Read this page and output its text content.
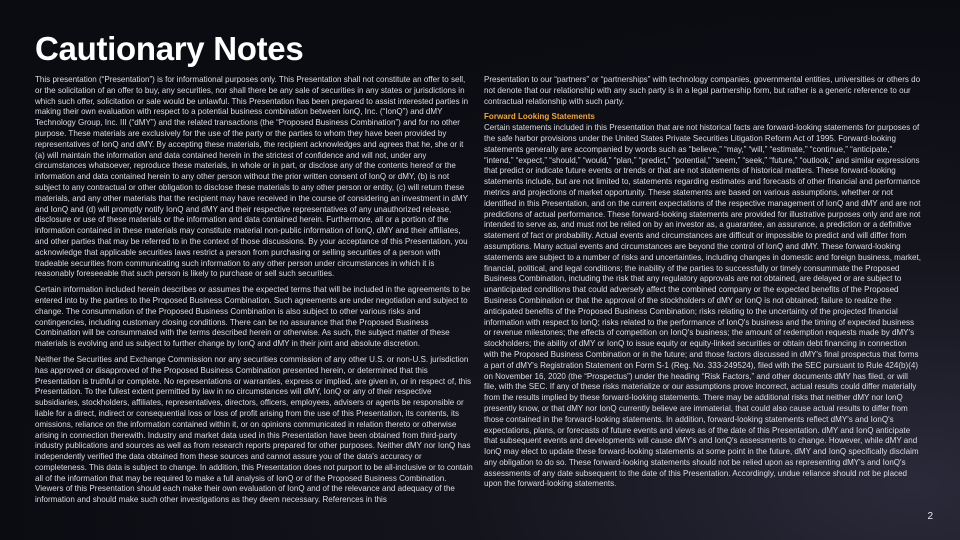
Cautionary Notes

This presentation (“Presentation”) is for informational purposes only. This Presentation shall not constitute an offer to sell, or the solicitation of an offer to buy, any securities, nor shall there be any sale of securities in any states or jurisdictions in which such offer, solicitation or sale would be unlawful. This Presentation has been prepared to assist interested parties in making their own evaluation with respect to a potential business combination between IonQ, Inc. (“IonQ”) and dMY Technology Group, Inc. III (“dMY”) and the related transactions (the “Proposed Business Combination”) and for no other purpose. These materials are exclusively for the use of the party or the parties to whom they have been provided by representatives of IonQ and dMY. By accepting these materials, the recipient acknowledges and agrees that he, she or it (a) will maintain the information and data contained herein in the strictest of confidence and will not, under any circumstances whatsoever, reproduce these materials, in whole or in part, or disclose any of the contents hereof or the information and data contained herein to any other person without the prior written consent of IonQ or dMY, (b) is not subject to any contractual or other obligation to disclose these materials to any other person or entity, (c) will return these materials, and any other materials that the recipient may have received in the course of considering an investment in dMY and IonQ and (d) will promptly notify IonQ and dMY and their respective representatives of any unauthorized release, disclosure or use of these materials or the information and data contained herein. Furthermore, all or a portion of the information contained in these materials may constitute material non-public information of IonQ, dMY and their affiliates, and other parties that may be referred to in the context of those discussions. By your acceptance of this Presentation, you acknowledge that applicable securities laws restrict a person from purchasing or selling securities of a person with tradeable securities from communicating such information to any other person under circumstances in which it is reasonably foreseeable that such person is likely to purchase or sell such securities.

Certain information included herein describes or assumes the expected terms that will be included in the agreements to be entered into by the parties to the Proposed Business Combination. Such agreements are under negotiation and subject to change. The consummation of the Proposed Business Combination is also subject to other various risks and contingencies, including customary closing conditions. There can be no assurance that the Proposed Business Combination will be consummated with the terms described herein or otherwise. As such, the subject matter of these materials is evolving and us subject to further change by IonQ and dMY in their joint and absolute discretion.

Neither the Securities and Exchange Commission nor any securities commission of any other U.S. or non-U.S. jurisdiction has approved or disapproved of the Proposed Business Combination presented herein, or determined that this Presentation is truthful or complete. No representations or warranties, express or implied, are given in, or in respect of, this Presentation. To the fullest extent permitted by law in no circumstances will dMY, IonQ or any of their respective subsidiaries, stockholders, affiliates, representatives, directors, officers, employees, advisers or agents be responsible or liable for a direct, indirect or consequential loss or loss of profit arising from the use of this Presentation, its contents, its omissions, reliance on the information contained within it, or on opinions communicated in relation thereto or otherwise arising in connection therewith. Industry and market data used in this Presentation have been obtained from third-party industry publications and sources as well as from research reports prepared for other purposes. Neither dMY nor IonQ has independently verified the data obtained from these sources and cannot assure you of the data's accuracy or completeness. This data is subject to change. In addition, this Presentation does not purport to be all-inclusive or to contain all of the information that may be required to make a full analysis of IonQ or of the Proposed Business Combination. Viewers of this Presentation should each make their own evaluation of IonQ and of the relevance and adequacy of the information and should make such other investigations as they deem necessary. References in this

Presentation to our “partners” or “partnerships” with technology companies, governmental entities, universities or others do not denote that our relationship with any such party is in a legal partnership form, but rather is a generic reference to our contractual relationship with such party.

Forward Looking Statements

Certain statements included in this Presentation that are not historical facts are forward-looking statements for purposes of the safe harbor provisions under the United States Private Securities Litigation Reform Act of 1995. Forward-looking statements generally are accompanied by words such as “believe,” “may,” “will,” “estimate,” “continue,” “anticipate,” “intend,” “expect,” “should,” “would,” “plan,” “predict,” “potential,” “seem,” “seek,” “future,” “outlook,” and similar expressions that predict or indicate future events or trends or that are not statements of historical matters. These forward-looking statements include, but are not limited to, statements regarding estimates and forecasts of other financial and performance metrics and projections of market opportunity. These statements are based on various assumptions, whether or not identified in this Presentation, and on the current expectations of the respective management of IonQ and dMY and are not predictions of actual performance. These forward-looking statements are provided for illustrative purposes only and are not intended to serve as, and must not be relied on by an investor as, a guarantee, an assurance, a prediction or a definitive statement of fact or probability. Actual events and circumstances are difficult or impossible to predict and will differ from assumptions. Many actual events and circumstances are beyond the control of IonQ and dMY. These forward-looking statements are subject to a number of risks and uncertainties, including changes in domestic and foreign business, market, financial, political, and legal conditions; the inability of the parties to successfully or timely consummate the Proposed Business Combination, including the risk that any regulatory approvals are not obtained, are delayed or are subject to unanticipated conditions that could adversely affect the combined company or the expected benefits of the Proposed Business Combination or that the approval of the stockholders of dMY or IonQ is not obtained; failure to realize the anticipated benefits of the Proposed Business Combination; risks relating to the uncertainty of the projected financial information with respect to IonQ; risks related to the performance of IonQ's business and the timing of expected business or revenue milestones; the effects of competition on IonQ's business; the amount of redemption requests made by dMY's stockholders; the ability of dMY or IonQ to issue equity or equity-linked securities or obtain debt financing in connection with the Proposed Business Combination or in the future; and those factors discussed in dMY's final prospectus that forms a part of dMY's Registration Statement on Form S-1 (Reg. No. 333-249524), filed with the SEC pursuant to Rule 424(b)(4) on November 16, 2020 (the “Prospectus”) under the heading “Risk Factors,” and other documents dMY has filed, or will file, with the SEC. If any of these risks materialize or our assumptions prove incorrect, actual results could differ materially from the results implied by these forward-looking statements. There may be additional risks that neither dMY nor IonQ presently know, or that dMY nor IonQ currently believe are immaterial, that could also cause actual results to differ from those contained in the forward-looking statements. In addition, forward-looking statements reflect dMY's and IonQ's expectations, plans, or forecasts of future events and views as of the date of this Presentation. dMY and IonQ anticipate that subsequent events and developments will cause dMY's and IonQ's assessments to change. However, while dMY and IonQ may elect to update these forward-looking statements at some point in the future, dMY and IonQ specifically disclaim any obligation to do so. These forward-looking statements should not be relied upon as representing dMY's and IonQ's assessments of any date subsequent to the date of this Presentation. Accordingly, undue reliance should not be placed upon the forward-looking statements.

2
